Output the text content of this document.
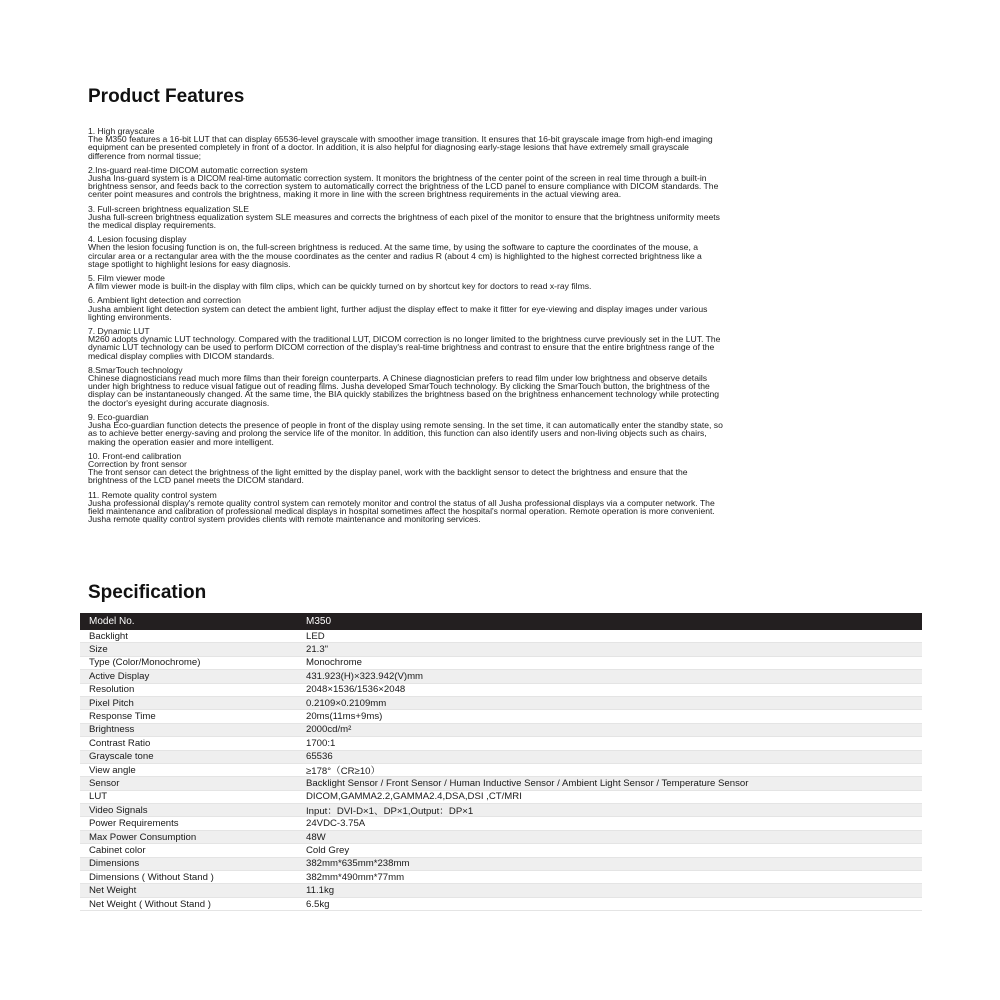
Product Features
1. High grayscale
The M350 features a 16-bit LUT that can display 65536-level grayscale with smoother image transition. It ensures that 16-bit grayscale image from high-end imaging
equipment can be presented completely in front of a doctor. In addition, it is also helpful for diagnosing early-stage lesions that have extremely small grayscale
difference from normal tissue;
2.Ins-guard real-time DICOM automatic correction system
Jusha Ins-guard system is a DICOM real-time automatic correction system. It monitors the brightness of the center point of the screen in real time through a built-in
brightness sensor, and feeds back to the correction system to automatically correct the brightness of the LCD panel to ensure compliance with DICOM standards. The
center point measures and controls the brightness, making it more in line with the screen brightness requirements in the actual viewing area.
3. Full-screen brightness equalization SLE
Jusha full-screen brightness equalization system SLE measures and corrects the brightness of each pixel of the monitor to ensure that the brightness uniformity meets
the medical display requirements.
4. Lesion focusing display
When the lesion focusing function is on, the full-screen brightness is reduced. At the same time, by using the software to capture the coordinates of the mouse, a
circular area or a rectangular area with the the mouse coordinates as the center and radius R (about 4 cm) is highlighted to the highest corrected brightness like a
stage spotlight to highlight lesions for easy diagnosis.
5. Film viewer mode
A film viewer mode is built-in the display with film clips, which can be quickly turned on by shortcut key for doctors to read x-ray films.
6. Ambient light detection and correction
Jusha ambient light detection system can detect the ambient light, further adjust the display effect to make it fitter for eye-viewing and display images under various
lighting environments.
7. Dynamic LUT
M260 adopts dynamic LUT technology. Compared with the traditional LUT, DICOM correction is no longer limited to the brightness curve previously set in the LUT. The
dynamic LUT technology can be used to perform DICOM correction of the display's real-time brightness and contrast to ensure that the entire brightness range of the
medical display complies with DICOM standards.
8.SmarTouch technology
Chinese diagnosticians read much more films than their foreign counterparts. A Chinese diagnostician prefers to read film under low brightness and observe details
under high brightness to reduce visual fatigue out of reading films. Jusha developed SmarTouch technology. By clicking the SmarTouch button, the brightness of the
display can be instantaneously changed. At the same time, the BIA quickly stabilizes the brightness based on the brightness enhancement technology while protecting
the doctor's eyesight during accurate diagnosis.
9. Eco-guardian
Jusha Eco-guardian function detects the presence of people in front of the display using remote sensing. In the set time, it can automatically enter the standby state, so
as to achieve better energy-saving and prolong the service life of the monitor. In addition, this function can also identify users and non-living objects such as chairs,
making the operation easier and more intelligent.
10. Front-end calibration
Correction by front sensor
The front sensor can detect the brightness of the light emitted by the display panel, work with the backlight sensor to detect the brightness and ensure that the
brightness of the LCD panel meets the DICOM standard.
11. Remote quality control system
Jusha professional display's remote quality control system can remotely monitor and control the status of all Jusha professional displays via a computer network. The
field maintenance and calibration of professional medical displays in hospital sometimes affect the hospital's normal operation. Remote operation is more convenient.
Jusha remote quality control system provides clients with remote maintenance and monitoring services.
Specification
Model No.	M350
Backlight	LED
Size	21.3"
Type (Color/Monochrome)	Monochrome
Active Display	431.923(H)×323.942(V)mm
Resolution	2048×1536/1536×2048
Pixel Pitch	0.2109×0.2109mm
Response Time	20ms(11ms+9ms)
Brightness	2000cd/m²
Contrast Ratio	1700:1
Grayscale tone	65536
View angle	≥178°（CR≥10）
Sensor	Backlight Sensor / Front Sensor / Human Inductive Sensor / Ambient Light Sensor / Temperature Sensor
LUT	DICOM,GAMMA2.2,GAMMA2.4,DSA,DSI ,CT/MRI
Video Signals	Input：DVI-D×1、DP×1,Output：DP×1
Power Requirements	24VDC-3.75A
Max Power Consumption	48W
Cabinet color	Cold Grey
Dimensions	382mm*635mm*238mm
Dimensions ( Without Stand )	382mm*490mm*77mm
Net Weight	11.1kg
Net Weight ( Without Stand )	6.5kg
